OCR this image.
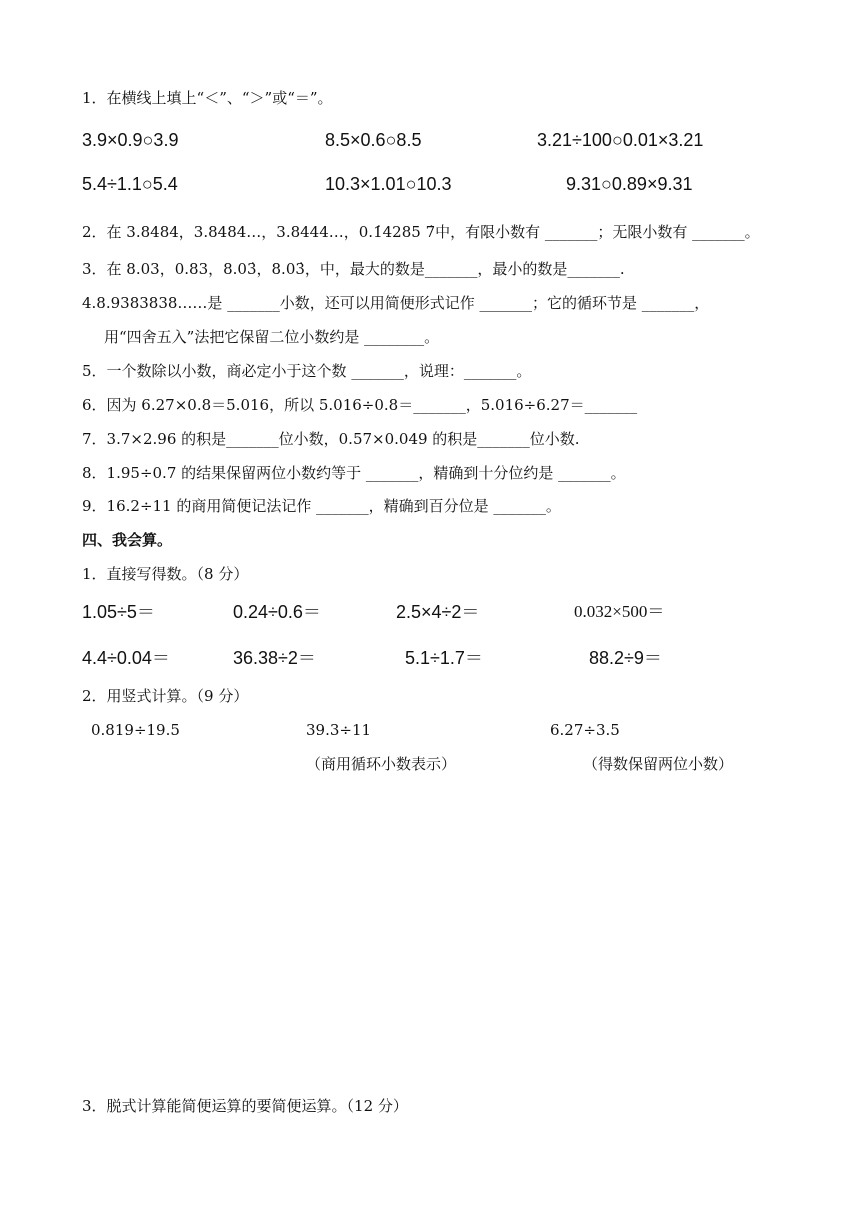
1．在横线上填上“＜”、“＞”或“＝”。
3.9×0.9○3.9	8.5×0.6○8.5	3.21÷100○0.01×3.21
5.4÷1.1○5.4	10.3×1.01○10.3	9.31○0.89×9.31
2．在 3.8484，3.8484…，3.8444…，0.1̇4285 7̇中，有限小数有 _______；无限小数有 _______。
3．在 8.03，0.83，8.03̇，8.03̇，中，最大的数是_______，最小的数是_______.
4.8.9383838……是 _______小数，还可以用简便形式记作 _______；它的循环节是 _______，
用“四舍五入”法把它保留二位小数约是 ________。
5．一个数除以小数，商必定小于这个数 _______，说理：_______。
6．因为 6.27×0.8＝5.016，所以 5.016÷0.8＝_______，5.016÷6.27＝_______
7．3.7×2.96 的积是_______位小数，0.57×0.049 的积是_______位小数.
8．1.95÷0.7 的结果保留两位小数约等于 _______，精确到十分位约是 _______。
9．16.2÷11 的商用简便记法记作 _______，精确到百分位是 _______。
四、我会算。
1．直接写得数。（8 分）
1.05÷5＝	0.24÷0.6＝	2.5×4÷2＝	0.032×500＝
4.4÷0.04＝	36.38÷2＝	5.1÷1.7＝	88.2÷9＝
2．用竖式计算。（9 分）
0.819÷19.5	39.3÷11	6.27÷3.5
（商用循环小数表示）	（得数保留两位小数）
3．脱式计算能简便运算的要简便运算。（12 分）
